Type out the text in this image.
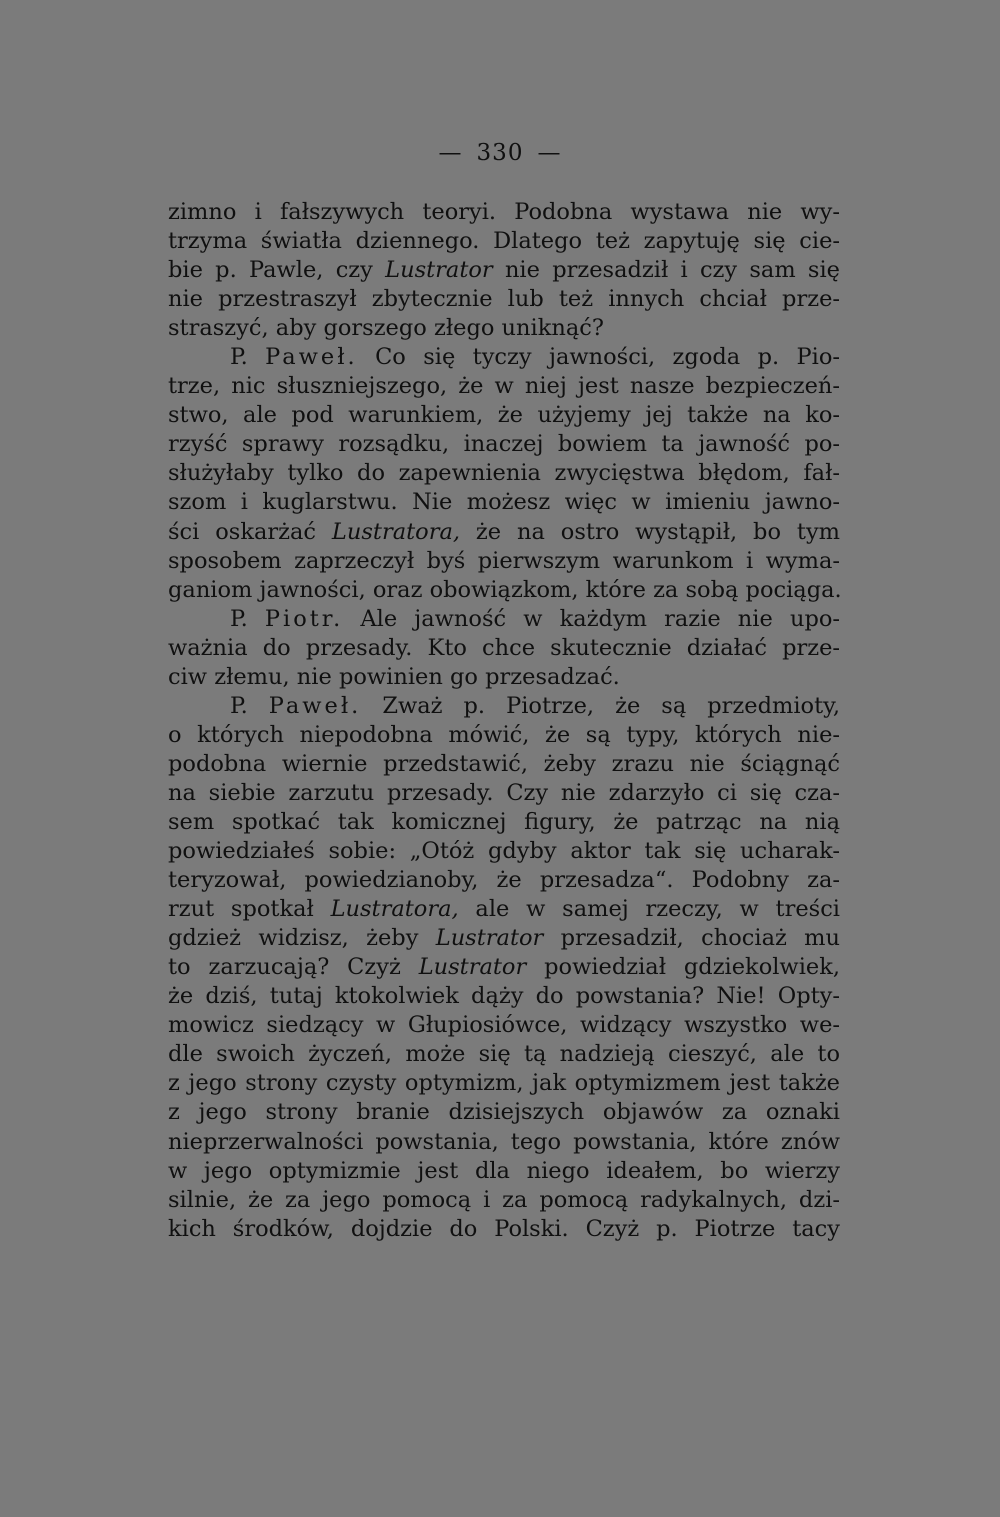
— 330 —
zimno i fałszywych teoryi. Podobna wystawa nie wy-
trzyma światła dziennego. Dlatego też zapytuję się cie-
bie p. Pawle, czy Lustrator nie przesadził i czy sam się
nie przestraszył zbytecznie lub też innych chciał prze-
straszyć, aby gorszego złego uniknąć?
P. Paweł. Co się tyczy jawności, zgoda p. Pio-
trze, nic słuszniejszego, że w niej jest nasze bezpieczeń-
stwo, ale pod warunkiem, że użyjemy jej także na ko-
rzyść sprawy rozsądku, inaczej bowiem ta jawność po-
służyłaby tylko do zapewnienia zwycięstwa błędom, fał-
szom i kuglarstwu. Nie możesz więc w imieniu jawno-
ści oskarżać Lustratora, że na ostro wystąpił, bo tym
sposobem zaprzeczył byś pierwszym warunkom i wyma-
ganiom jawności, oraz obowiązkom, które za sobą pociąga.
P. Piotr. Ale jawność w każdym razie nie upo-
ważnia do przesady. Kto chce skutecznie działać prze-
ciw złemu, nie powinien go przesadzać.
P. Paweł. Zważ p. Piotrze, że są przedmioty,
o których niepodobna mówić, że są typy, których nie-
podobna wiernie przedstawić, żeby zrazu nie ściągnąć
na siebie zarzutu przesady. Czy nie zdarzyło ci się cza-
sem spotkać tak komicznej figury, że patrząc na nią
powiedziałeś sobie: „Otóż gdyby aktor tak się ucharak-
teryzował, powiedzianoby, że przesadza“. Podobny za-
rzut spotkał Lustratora, ale w samej rzeczy, w treści
gdzież widzisz, żeby Lustrator przesadził, chociaż mu
to zarzucają? Czyż Lustrator powiedział gdziekolwiek,
że dziś, tutaj ktokolwiek dąży do powstania? Nie! Opty-
mowicz siedzący w Głupiosiówce, widzący wszystko we-
dle swoich życzeń, może się tą nadzieją cieszyć, ale to
z jego strony czysty optymizm, jak optymizmem jest także
z jego strony branie dzisiejszych objawów za oznaki
nieprzerwalności powstania, tego powstania, które znów
w jego optymizmie jest dla niego ideałem, bo wierzy
silnie, że za jego pomocą i za pomocą radykalnych, dzi-
kich środków, dojdzie do Polski. Czyż p. Piotrze tacy
